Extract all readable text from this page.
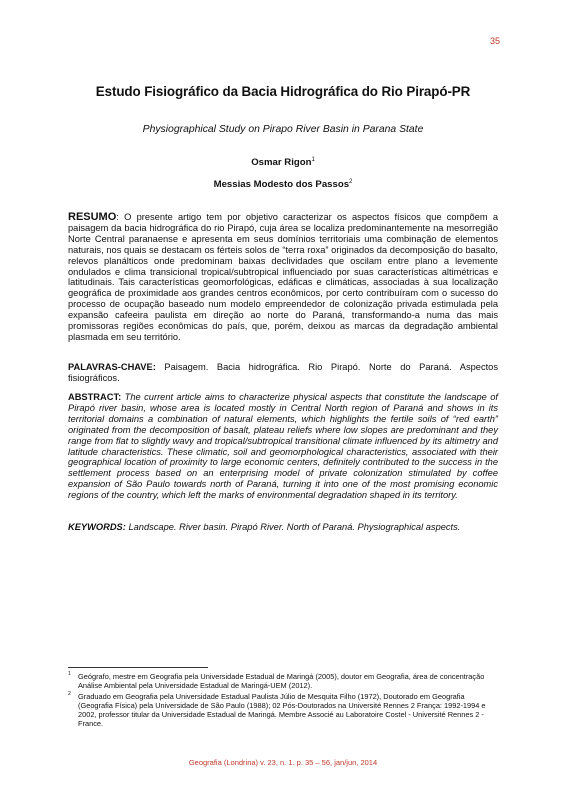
35
Estudo Fisiográfico da Bacia Hidrográfica do Rio Pirapó-PR
Physiographical Study on Pirapo River Basin in Parana State
Osmar Rigon$^1$
Messias Modesto dos Passos$^2$
RESUMO: O presente artigo tem por objetivo caracterizar os aspectos físicos que compõem a paisagem da bacia hidrográfica do rio Pirapó, cuja área se localiza predominantemente na mesorregião Norte Central paranaense e apresenta em seus domínios territoriais uma combinação de elementos naturais, nos quais se destacam os férteis solos de “terra roxa” originados da decomposição do basalto, relevos planálticos onde predominam baixas declividades que oscilam entre plano a levemente ondulados e clima transicional tropical/subtropical influenciado por suas características altimétricas e latitudinais. Tais características geomorfológicas, edáficas e climáticas, associadas à sua localização geográfica de proximidade aos grandes centros econômicos, por certo contribuíram com o sucesso do processo de ocupação baseado num modelo empreendedor de colonização privada estimulada pela expansão cafeeira paulista em direção ao norte do Paraná, transformando-a numa das mais promissoras regiões econômicas do país, que, porém, deixou as marcas da degradação ambiental plasmada em seu território.
PALAVRAS-CHAVE: Paisagem. Bacia hidrográfica. Rio Pirapó. Norte do Paraná. Aspectos fisiográficos.
ABSTRACT: The current article aims to characterize physical aspects that constitute the landscape of Pirapó river basin, whose area is located mostly in Central North region of Paraná and shows in its territorial domains a combination of natural elements, which highlights the fertile soils of “red earth” originated from the decomposition of basalt, plateau reliefs where low slopes are predominant and they range from flat to slightly wavy and tropical/subtropical transitional climate influenced by its altimetry and latitude characteristics. These climatic, soil and geomorphological characteristics, associated with their geographical location of proximity to large economic centers, definitely contributed to the success in the settlement process based on an enterprising model of private colonization stimulated by coffee expansion of São Paulo towards north of Paraná, turning it into one of the most promising economic regions of the country, which left the marks of environmental degradation shaped in its territory.
KEYWORDS: Landscape. River basin. Pirapó River. North of Paraná. Physiographical aspects.
1 Geógrafo, mestre em Geografia pela Universidade Estadual de Maringá (2005), doutor em Geografia, área de concentração Análise Ambiental pela Universidade Estadual de Maringá-UEM (2012).
2 Graduado em Geografia pela Universidade Estadual Paulista Júlio de Mesquita Filho (1972), Doutorado em Geografia (Geografia Física) pela Universidade de São Paulo (1988); 02 Pós-Doutorados na Université Rennes 2 França: 1992-1994 e 2002, professor titular da Universidade Estadual de Maringá. Membre Associé au Laboratoire Costel - Université Rennes 2 - France.
Geografia (Londrina) v. 23, n. 1. p. 35 – 56, jan/jun, 2014
